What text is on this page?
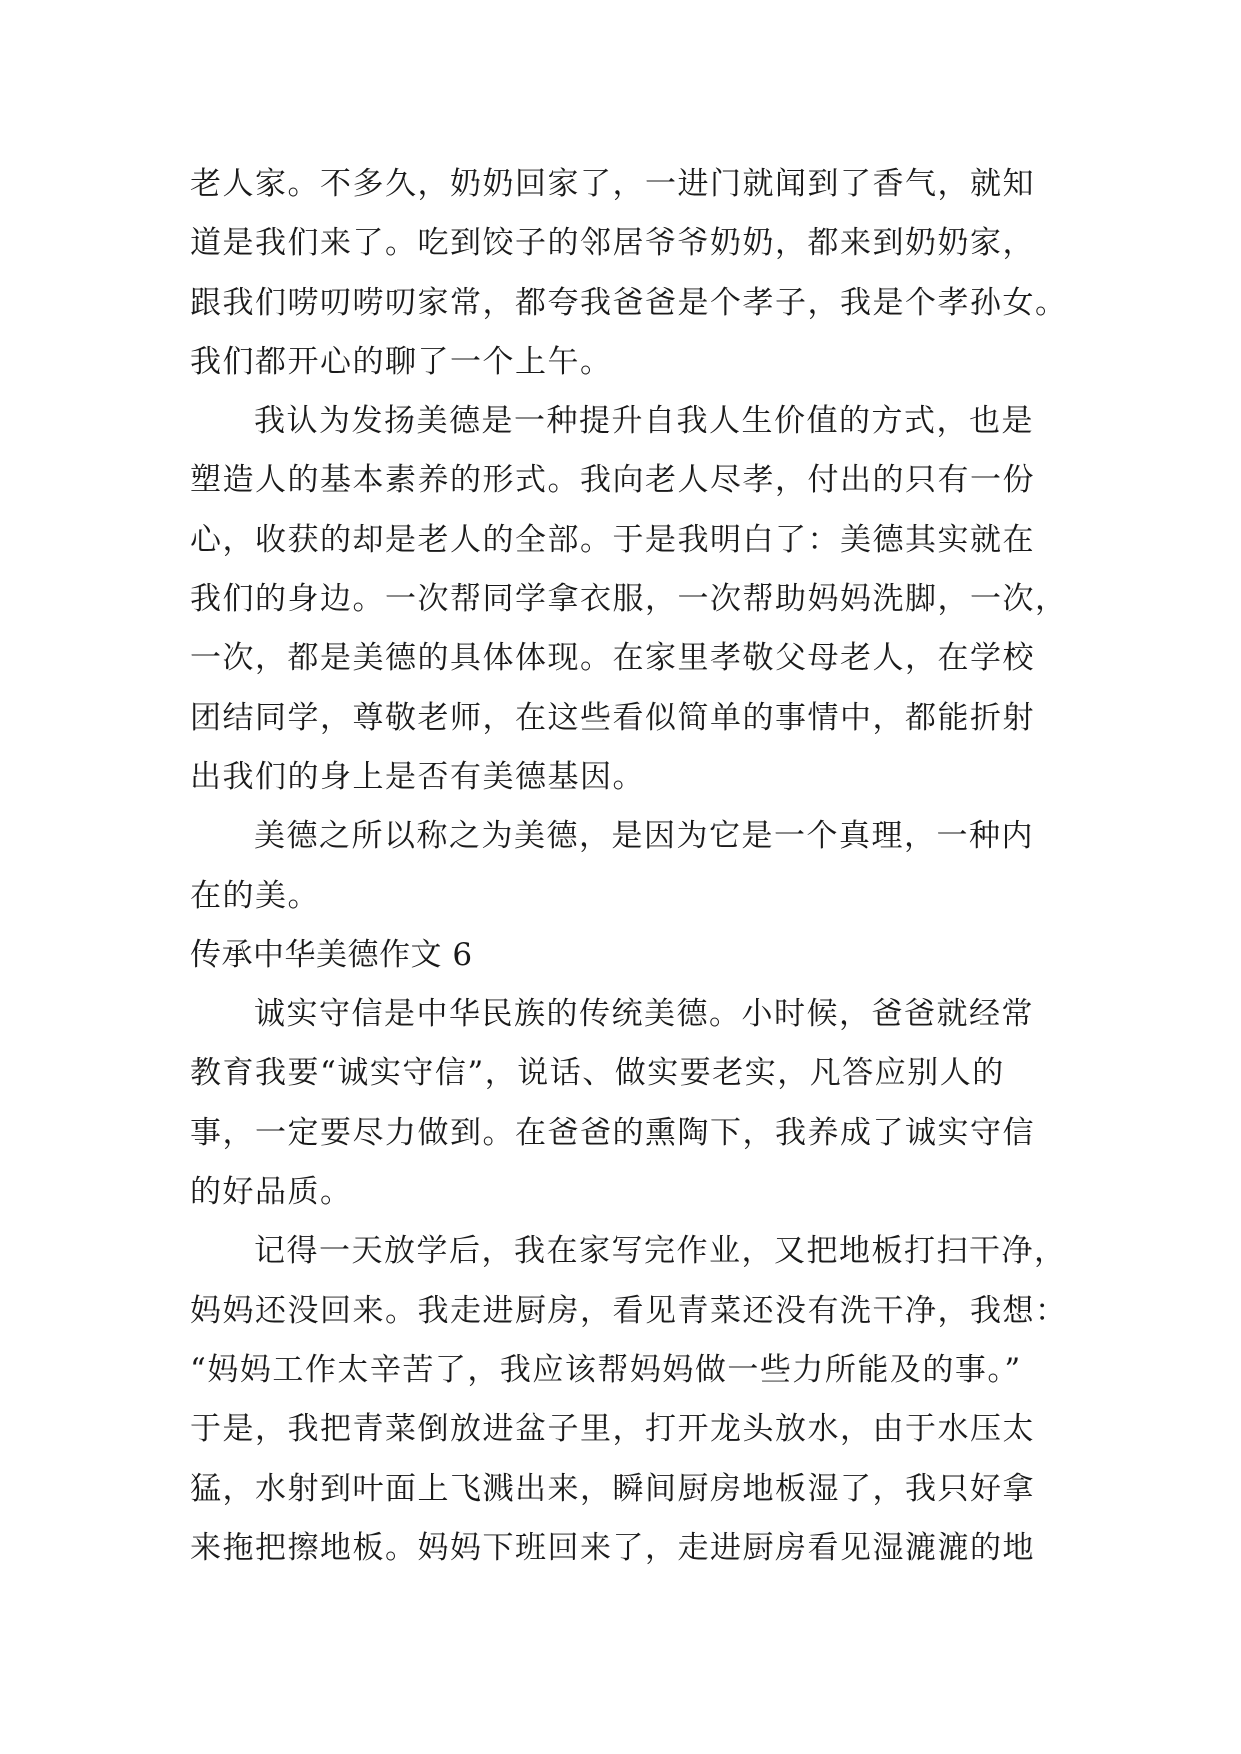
老人家。不多久，奶奶回家了，一进门就闻到了香气，就知
道是我们来了。吃到饺子的邻居爷爷奶奶，都来到奶奶家，
跟我们唠叨唠叨家常，都夸我爸爸是个孝子，我是个孝孙女。
我们都开心的聊了一个上午。
我认为发扬美德是一种提升自我人生价值的方式，也是
塑造人的基本素养的形式。我向老人尽孝，付出的只有一份
心，收获的却是老人的全部。于是我明白了：美德其实就在
我们的身边。一次帮同学拿衣服，一次帮助妈妈洗脚，一次，
一次，都是美德的具体体现。在家里孝敬父母老人，在学校
团结同学，尊敬老师，在这些看似简单的事情中，都能折射
出我们的身上是否有美德基因。
美德之所以称之为美德，是因为它是一个真理，一种内
在的美。
传承中华美德作文 6
诚实守信是中华民族的传统美德。小时候，爸爸就经常
教育我要“诚实守信”，说话、做实要老实，凡答应别人的
事，一定要尽力做到。在爸爸的熏陶下，我养成了诚实守信
的好品质。
记得一天放学后，我在家写完作业，又把地板打扫干净，
妈妈还没回来。我走进厨房，看见青菜还没有洗干净，我想：
“妈妈工作太辛苦了，我应该帮妈妈做一些力所能及的事。”
于是，我把青菜倒放进盆子里，打开龙头放水，由于水压太
猛，水射到叶面上飞溅出来，瞬间厨房地板湿了，我只好拿
来拖把擦地板。妈妈下班回来了，走进厨房看见湿漉漉的地
